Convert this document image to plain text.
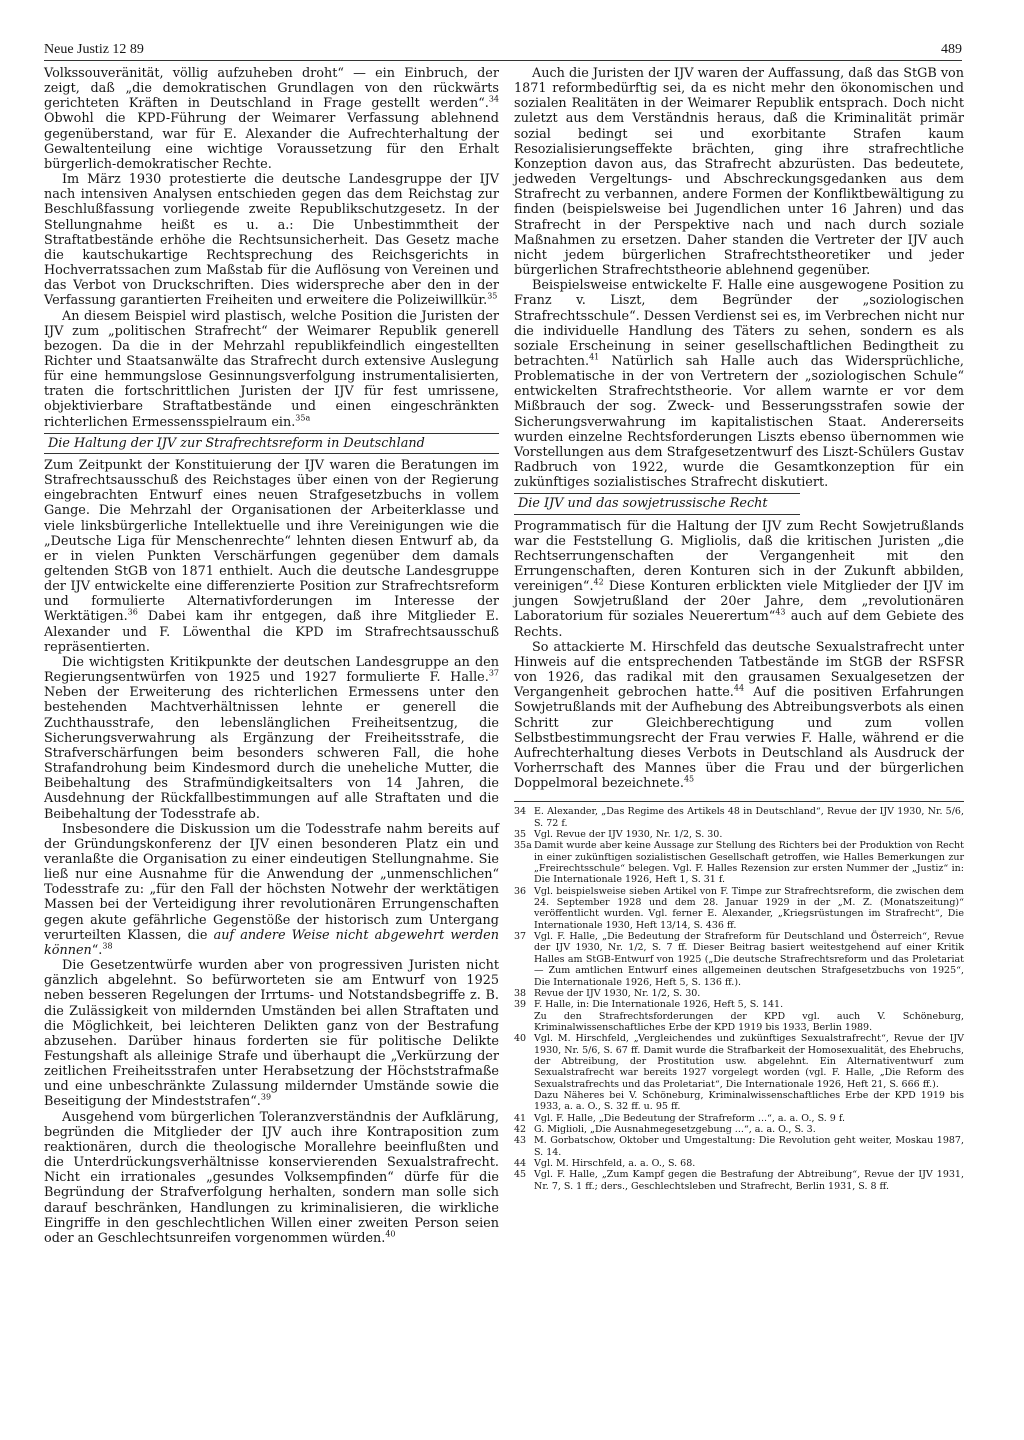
Neue Justiz 12 89	489

Volkssouveränität, völlig aufzuheben droht“ — ein Einbruch, der zeigt, daß „die demokratischen Grundlagen von den rückwärts gerichteten Kräften in Deutschland in Frage gestellt werden“.$^{34}$ Obwohl die KPD-Führung der Weimarer Verfassung ablehnend gegenüberstand, war für E. Alexander die Aufrechterhaltung der Gewaltenteilung eine wichtige Voraussetzung für den Erhalt bürgerlich-demokratischer Rechte.

Im März 1930 protestierte die deutsche Landesgruppe der IJV nach intensiven Analysen entschieden gegen das dem Reichstag zur Beschlußfassung vorliegende zweite Republikschutzgesetz. In der Stellungnahme heißt es u. a.: Die Unbestimmtheit der Straftatbestände erhöhe die Rechtsunsicherheit. Das Gesetz mache die kautschukartige Rechtsprechung des Reichsgerichts in Hochverratssachen zum Maßstab für die Auflösung von Vereinen und das Verbot von Druckschriften. Dies widerspreche aber den in der Verfassung garantierten Freiheiten und erweitere die Polizeiwillkür.$^{35}$

An diesem Beispiel wird plastisch, welche Position die Juristen der IJV zum „politischen Strafrecht“ der Weimarer Republik generell bezogen. Da die in der Mehrzahl republikfeindlich eingestellten Richter und Staatsanwälte das Strafrecht durch extensive Auslegung für eine hemmungslose Gesinnungsverfolgung instrumentalisierten, traten die fortschrittlichen Juristen der IJV für fest umrissene, objektivierbare Straftatbestände und einen eingeschränkten richterlichen Ermessensspielraum ein.$^{35a}$

Die Haltung der IJV zur Strafrechtsreform in Deutschland

Zum Zeitpunkt der Konstituierung der IJV waren die Beratungen im Strafrechtsausschuß des Reichstages über einen von der Regierung eingebrachten Entwurf eines neuen Strafgesetzbuchs in vollem Gange. Die Mehrzahl der Organisationen der Arbeiterklasse und viele linksbürgerliche Intellektuelle und ihre Vereinigungen wie die „Deutsche Liga für Menschenrechte“ lehnten diesen Entwurf ab, da er in vielen Punkten Verschärfungen gegenüber dem damals geltenden StGB von 1871 enthielt. Auch die deutsche Landesgruppe der IJV entwickelte eine differenzierte Position zur Strafrechtsreform und formulierte Alternativforderungen im Interesse der Werktätigen.$^{36}$ Dabei kam ihr entgegen, daß ihre Mitglieder E. Alexander und F. Löwenthal die KPD im Strafrechtsausschuß repräsentierten.

Die wichtigsten Kritikpunkte der deutschen Landesgruppe an den Regierungsentwürfen von 1925 und 1927 formulierte F. Halle.$^{37}$ Neben der Erweiterung des richterlichen Ermessens unter den bestehenden Machtverhältnissen lehnte er generell die Zuchthausstrafe, den lebenslänglichen Freiheitsentzug, die Sicherungsverwahrung als Ergänzung der Freiheitsstrafe, die Strafverschärfungen beim besonders schweren Fall, die hohe Strafandrohung beim Kindesmord durch die uneheliche Mutter, die Beibehaltung des Strafmündigkeitsalters von 14 Jahren, die Ausdehnung der Rückfallbestimmungen auf alle Straftaten und die Beibehaltung der Todesstrafe ab.

Insbesondere die Diskussion um die Todesstrafe nahm bereits auf der Gründungskonferenz der IJV einen besonderen Platz ein und veranlaßte die Organisation zu einer eindeutigen Stellungnahme. Sie ließ nur eine Ausnahme für die Anwendung der „unmenschlichen“ Todesstrafe zu: „für den Fall der höchsten Notwehr der werktätigen Massen bei der Verteidigung ihrer revolutionären Errungenschaften gegen akute gefährliche Gegenstöße der historisch zum Untergang verurteilten Klassen, die auf andere Weise nicht abgewehrt werden können“.$^{38}$

Die Gesetzentwürfe wurden aber von progressiven Juristen nicht gänzlich abgelehnt. So befürworteten sie am Entwurf von 1925 neben besseren Regelungen der Irrtums- und Notstandsbegriffe z. B. die Zulässigkeit von mildernden Umständen bei allen Straftaten und die Möglichkeit, bei leichteren Delikten ganz von der Bestrafung abzusehen. Darüber hinaus forderten sie für politische Delikte Festungshaft als alleinige Strafe und überhaupt die „Verkürzung der zeitlichen Freiheitsstrafen unter Herabsetzung der Höchststrafmaße und eine unbeschränkte Zulassung mildernder Umstände sowie die Beseitigung der Mindeststrafen“.$^{39}$

Ausgehend vom bürgerlichen Toleranzverständnis der Aufklärung, begründen die Mitglieder der IJV auch ihre Kontraposition zum reaktionären, durch die theologische Morallehre beeinflußten und die Unterdrückungsverhältnisse konservierenden Sexualstrafrecht. Nicht ein irrationales „gesundes Volksempfinden“ dürfe für die Begründung der Strafverfolgung herhalten, sondern man solle sich darauf beschränken, Handlungen zu kriminalisieren, die wirkliche Eingriffe in den geschlechtlichen Willen einer zweiten Person seien oder an Geschlechtsunreifen vorgenommen würden.$^{40}$

Auch die Juristen der IJV waren der Auffassung, daß das StGB von 1871 reformbedürftig sei, da es nicht mehr den ökonomischen und sozialen Realitäten in der Weimarer Republik entsprach. Doch nicht zuletzt aus dem Verständnis heraus, daß die Kriminalität primär sozial bedingt sei und exorbitante Strafen kaum Resozialisierungseffekte brächten, ging ihre strafrechtliche Konzeption davon aus, das Strafrecht abzurüsten. Das bedeutete, jedweden Vergeltungs- und Abschreckungsgedanken aus dem Strafrecht zu verbannen, andere Formen der Konfliktbewältigung zu finden (beispielsweise bei Jugendlichen unter 16 Jahren) und das Strafrecht in der Perspektive nach und nach durch soziale Maßnahmen zu ersetzen. Daher standen die Vertreter der IJV auch nicht jedem bürgerlichen Strafrechtstheoretiker und jeder bürgerlichen Strafrechtstheorie ablehnend gegenüber.

Beispielsweise entwickelte F. Halle eine ausgewogene Position zu Franz v. Liszt, dem Begründer der „soziologischen Strafrechtsschule“. Dessen Verdienst sei es, im Verbrechen nicht nur die individuelle Handlung des Täters zu sehen, sondern es als soziale Erscheinung in seiner gesellschaftlichen Bedingtheit zu betrachten.$^{41}$ Natürlich sah Halle auch das Widersprüchliche, Problematische in der von Vertretern der „soziologischen Schule“ entwickelten Strafrechtstheorie. Vor allem warnte er vor dem Mißbrauch der sog. Zweck- und Besserungsstrafen sowie der Sicherungsverwahrung im kapitalistischen Staat. Andererseits wurden einzelne Rechtsforderungen Liszts ebenso übernommen wie Vorstellungen aus dem Strafgesetzentwurf des Liszt-Schülers Gustav Radbruch von 1922, wurde die Gesamtkonzeption für ein zukünftiges sozialistisches Strafrecht diskutiert.

Die IJV und das sowjetrussische Recht

Programmatisch für die Haltung der IJV zum Recht Sowjetrußlands war die Feststellung G. Migliolis, daß die kritischen Juristen „die Rechtserrungenschaften der Vergangenheit mit den Errungenschaften, deren Konturen sich in der Zukunft abbilden, vereinigen“.$^{42}$ Diese Konturen erblickten viele Mitglieder der IJV im jungen Sowjetrußland der 20er Jahre, dem „revolutionären Laboratorium für soziales Neuerertum“$^{43}$ auch auf dem Gebiete des Rechts.

So attackierte M. Hirschfeld das deutsche Sexualstrafrecht unter Hinweis auf die entsprechenden Tatbestände im StGB der RSFSR von 1926, das radikal mit den grausamen Sexualgesetzen der Vergangenheit gebrochen hatte.$^{44}$ Auf die positiven Erfahrungen Sowjetrußlands mit der Aufhebung des Abtreibungsverbots als einen Schritt zur Gleichberechtigung und zum vollen Selbstbestimmungsrecht der Frau verwies F. Halle, während er die Aufrechterhaltung dieses Verbots in Deutschland als Ausdruck der Vorherrschaft des Mannes über die Frau und der bürgerlichen Doppelmoral bezeichnete.$^{45}$

34 E. Alexander, „Das Regime des Artikels 48 in Deutschland“, Revue der IJV 1930, Nr. 5/6, S. 72 f.
35 Vgl. Revue der IJV 1930, Nr. 1/2, S. 30.
35a Damit wurde aber keine Aussage zur Stellung des Richters bei der Produktion von Recht in einer zukünftigen sozialistischen Gesellschaft getroffen, wie Halles Bemerkungen zur „Freirechtsschule“ belegen. Vgl. F. Halles Rezension zur ersten Nummer der „Justiz“ in: Die Internationale 1926, Heft 1, S. 31 f.
36 Vgl. beispielsweise sieben Artikel von F. Timpe zur Strafrechtsreform, die zwischen dem 24. September 1928 und dem 28. Januar 1929 in der „M. Z. (Monatszeitung)“ veröffentlicht wurden. Vgl. ferner E. Alexander, „Kriegsrüstungen im Strafrecht“, Die Internationale 1930, Heft 13/14, S. 436 ff.
37 Vgl. F. Halle, „Die Bedeutung der Strafreform für Deutschland und Österreich“, Revue der IJV 1930, Nr. 1/2, S. 7 ff. Dieser Beitrag basiert weitestgehend auf einer Kritik Halles am StGB-Entwurf von 1925 („Die deutsche Strafrechtsreform und das Proletariat — Zum amtlichen Entwurf eines allgemeinen deutschen Strafgesetzbuchs von 1925“, Die Internationale 1926, Heft 5, S. 136 ff.).
38 Revue der IJV 1930, Nr. 1/2, S. 30.
39 F. Halle, in: Die Internationale 1926, Heft 5, S. 141.
Zu den Strafrechtsforderungen der KPD vgl. auch V. Schöneburg, Kriminalwissenschaftliches Erbe der KPD 1919 bis 1933, Berlin 1989.
40 Vgl. M. Hirschfeld, „Vergleichendes und zukünftiges Sexualstrafrecht“, Revue der IJV 1930, Nr. 5/6, S. 67 ff. Damit wurde die Strafbarkeit der Homosexualität, des Ehebruchs, der Abtreibung, der Prostitution usw. abgelehnt. Ein Alternativentwurf zum Sexualstrafrecht war bereits 1927 vorgelegt worden (vgl. F. Halle, „Die Reform des Sexualstrafrechts und das Proletariat“, Die Internationale 1926, Heft 21, S. 666 ff.).
Dazu Näheres bei V. Schöneburg, Kriminalwissenschaftliches Erbe der KPD 1919 bis 1933, a. a. O., S. 32 ff. u. 95 ff.
41 Vgl. F. Halle, „Die Bedeutung der Strafreform ...“, a. a. O., S. 9 f.
42 G. Miglioli, „Die Ausnahmegesetzgebung ...“, a. a. O., S. 3.
43 M. Gorbatschow, Oktober und Umgestaltung: Die Revolution geht weiter, Moskau 1987, S. 14.
44 Vgl. M. Hirschfeld, a. a. O., S. 68.
45 Vgl. F. Halle, „Zum Kampf gegen die Bestrafung der Abtreibung“, Revue der IJV 1931, Nr. 7, S. 1 ff.; ders., Geschlechtsleben und Strafrecht, Berlin 1931, S. 8 ff.
